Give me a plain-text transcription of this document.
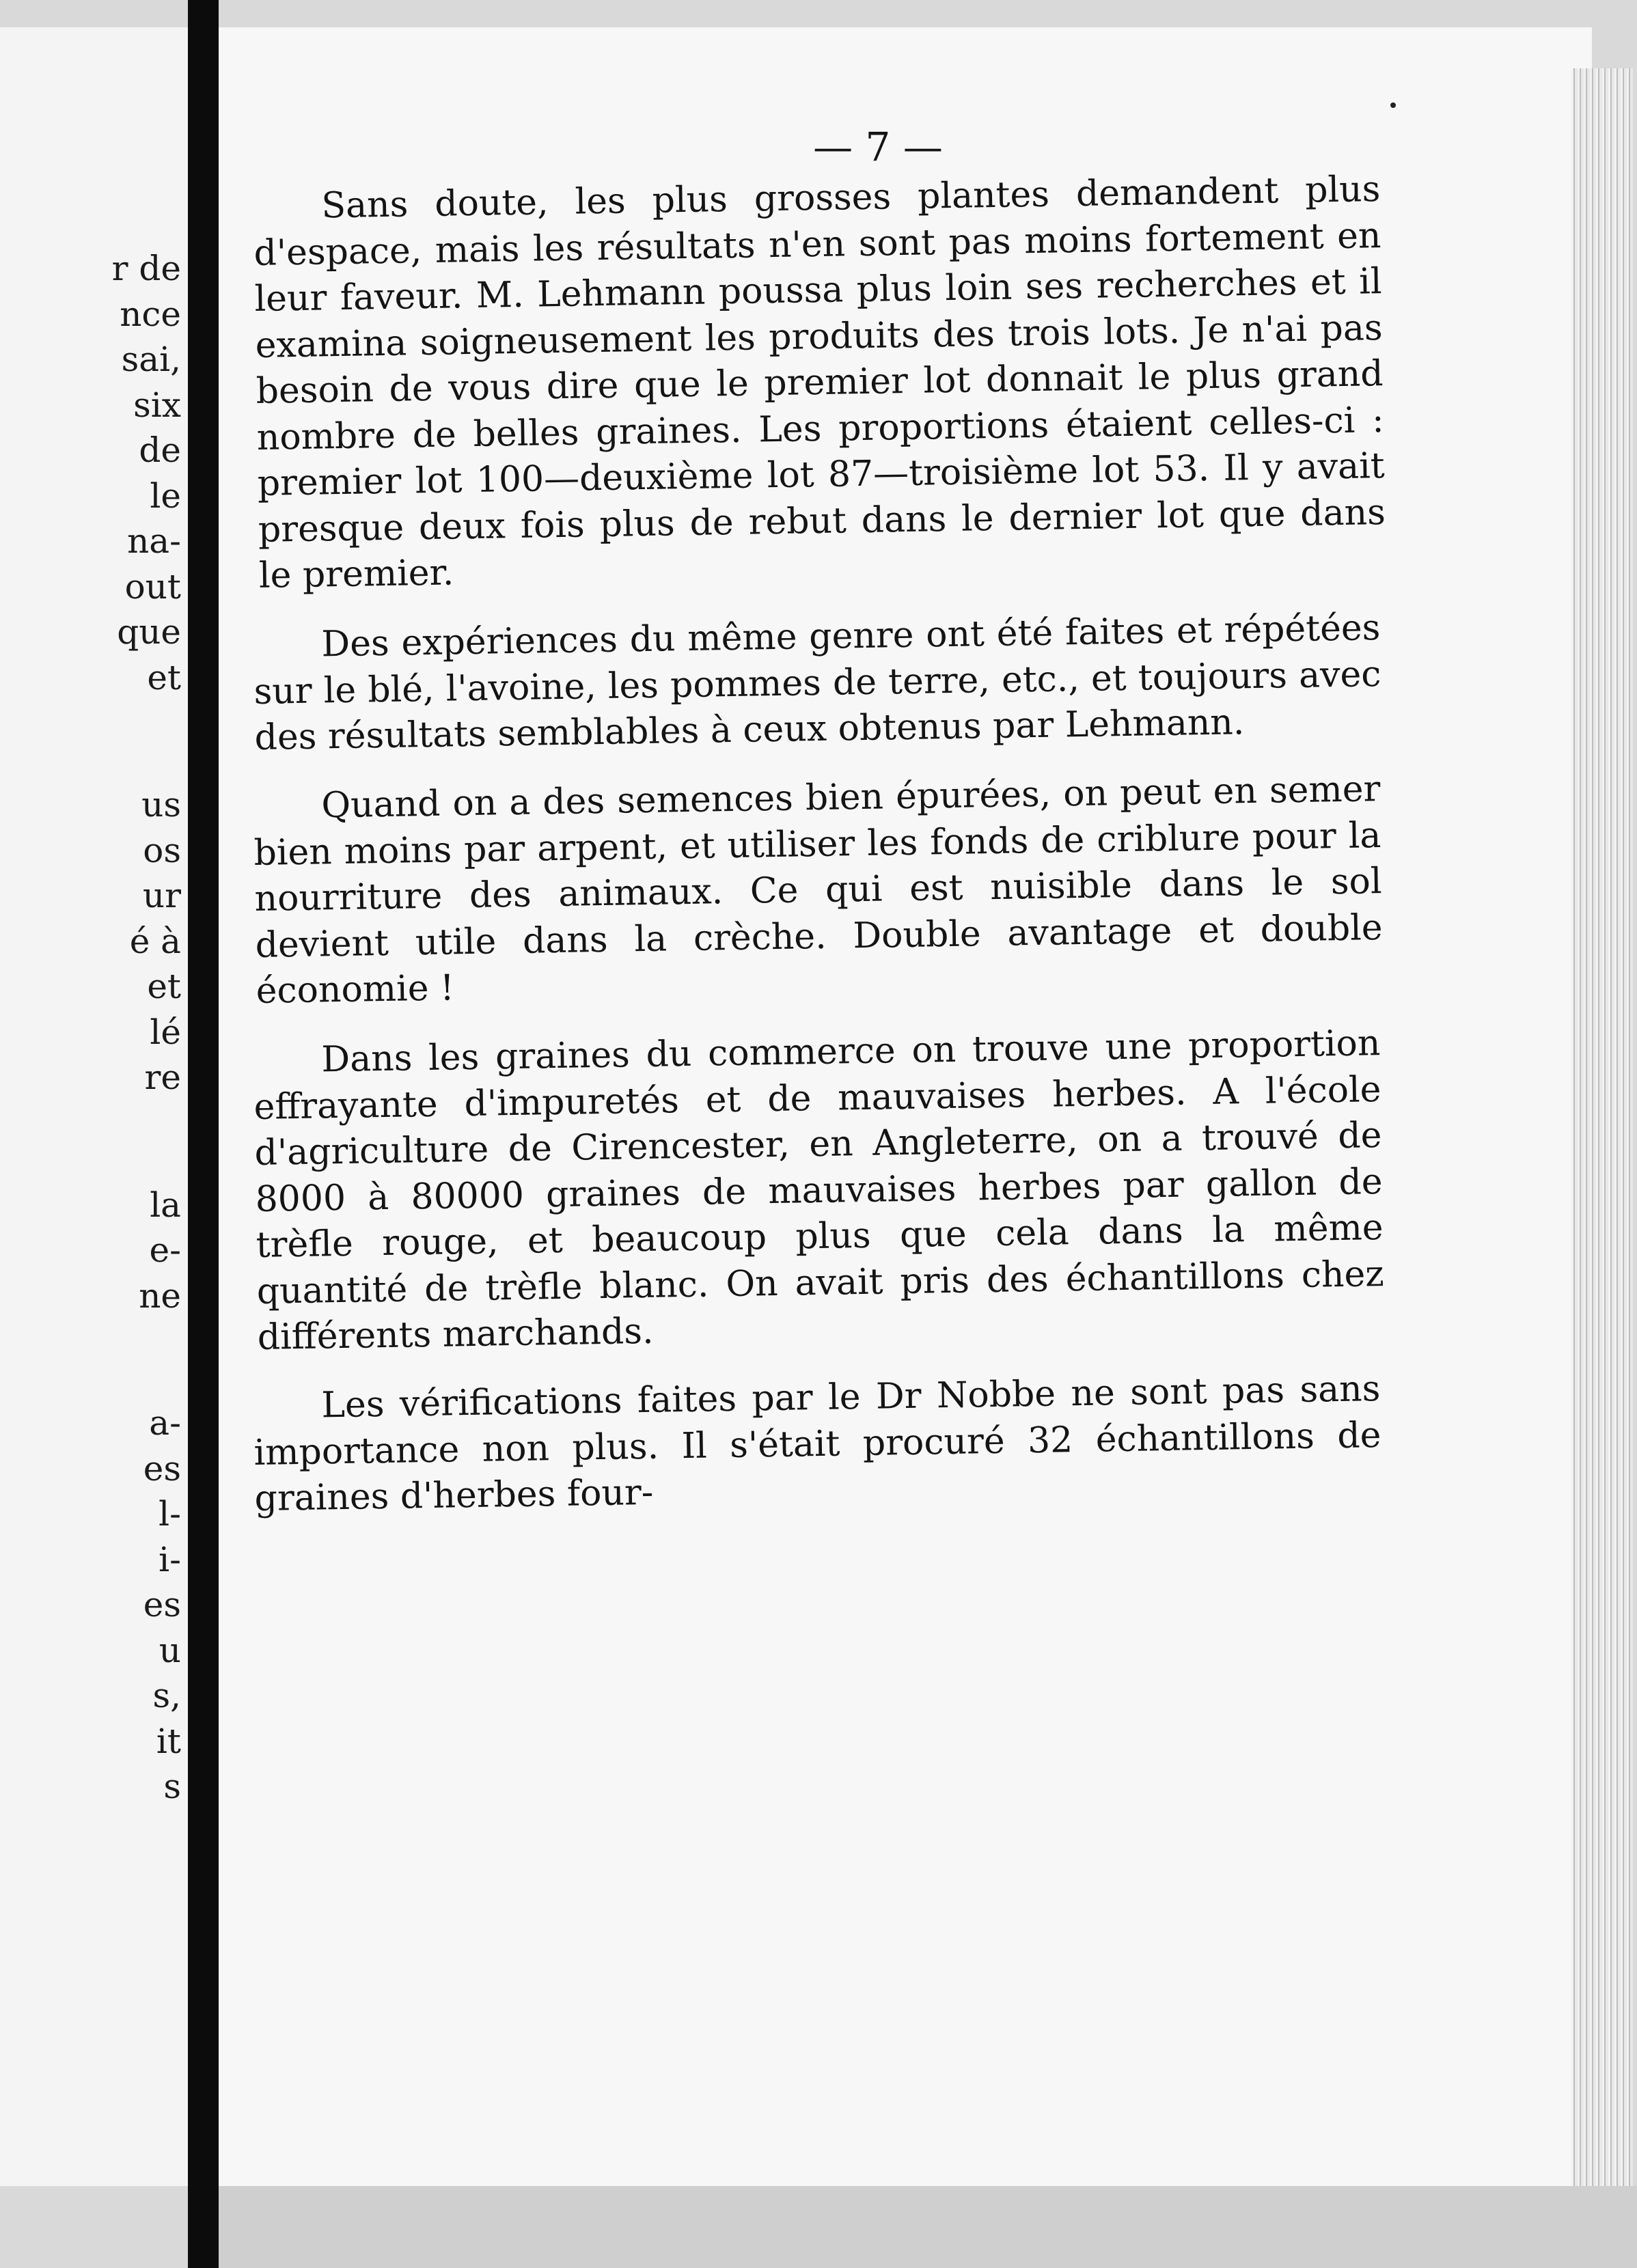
r de
nce
sai,
six
de
le
na-
out
que
et
us
os
ur
é à
et
lé
re
la
e-
ne
a-
es
l-
i-
es
u
s,
it
s
— 7 —

Sans doute, les plus grosses plantes demandent plus d'espace, mais les résultats n'en sont pas moins fortement en leur faveur. M. Lehmann poussa plus loin ses recherches et il examina soigneusement les produits des trois lots. Je n'ai pas besoin de vous dire que le premier lot donnait le plus grand nombre de belles graines. Les proportions étaient celles-ci : premier lot 100—deuxième lot 87—troisième lot 53. Il y avait presque deux fois plus de rebut dans le dernier lot que dans le premier.

Des expériences du même genre ont été faites et répétées sur le blé, l'avoine, les pommes de terre, etc., et toujours avec des résultats semblables à ceux obtenus par Lehmann.

Quand on a des semences bien épurées, on peut en semer bien moins par arpent, et utiliser les fonds de criblure pour la nourriture des animaux. Ce qui est nuisible dans le sol devient utile dans la crèche. Double avantage et double économie !

Dans les graines du commerce on trouve une proportion effrayante d'impuretés et de mauvaises herbes. A l'école d'agriculture de Cirencester, en Angleterre, on a trouvé de 8000 à 80000 graines de mauvaises herbes par gallon de trèfle rouge, et beaucoup plus que cela dans la même quantité de trèfle blanc. On avait pris des échantillons chez différents marchands.

Les vérifications faites par le Dr Nobbe ne sont pas sans importance non plus. Il s'était procuré 32 échantillons de graines d'herbes four-
